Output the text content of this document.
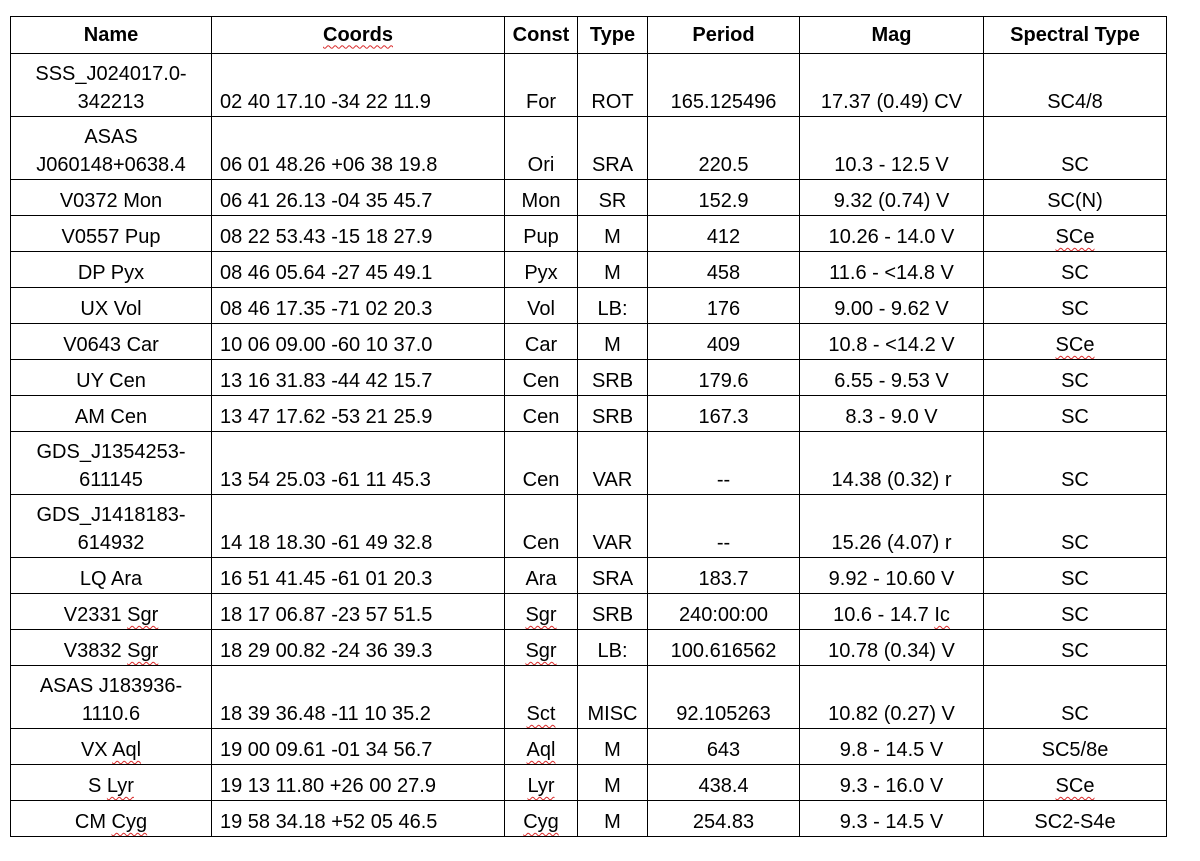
Name	Coords	Const	Type	Period	Mag	Spectral Type
SSS_J024017.0-342213	02 40 17.10 -34 22 11.9	For	ROT	165.125496	17.37 (0.49) CV	SC4/8
ASAS J060148+0638.4	06 01 48.26 +06 38 19.8	Ori	SRA	220.5	10.3 - 12.5 V	SC
V0372 Mon	06 41 26.13 -04 35 45.7	Mon	SR	152.9	9.32 (0.74) V	SC(N)
V0557 Pup	08 22 53.43 -15 18 27.9	Pup	M	412	10.26 - 14.0 V	SCe
DP Pyx	08 46 05.64 -27 45 49.1	Pyx	M	458	11.6 - <14.8 V	SC
UX Vol	08 46 17.35 -71 02 20.3	Vol	LB:	176	9.00 - 9.62 V	SC
V0643 Car	10 06 09.00 -60 10 37.0	Car	M	409	10.8 - <14.2 V	SCe
UY Cen	13 16 31.83 -44 42 15.7	Cen	SRB	179.6	6.55 - 9.53 V	SC
AM Cen	13 47 17.62 -53 21 25.9	Cen	SRB	167.3	8.3 - 9.0 V	SC
GDS_J1354253-611145	13 54 25.03 -61 11 45.3	Cen	VAR	--	14.38 (0.32) r	SC
GDS_J1418183-614932	14 18 18.30 -61 49 32.8	Cen	VAR	--	15.26 (4.07) r	SC
LQ Ara	16 51 41.45 -61 01 20.3	Ara	SRA	183.7	9.92 - 10.60 V	SC
V2331 Sgr	18 17 06.87 -23 57 51.5	Sgr	SRB	240:00:00	10.6 - 14.7 Ic	SC
V3832 Sgr	18 29 00.82 -24 36 39.3	Sgr	LB:	100.616562	10.78 (0.34) V	SC
ASAS J183936-1110.6	18 39 36.48 -11 10 35.2	Sct	MISC	92.105263	10.82 (0.27) V	SC
VX Aql	19 00 09.61 -01 34 56.7	Aql	M	643	9.8 - 14.5 V	SC5/8e
S Lyr	19 13 11.80 +26 00 27.9	Lyr	M	438.4	9.3 - 16.0 V	SCe
CM Cyg	19 58 34.18 +52 05 46.5	Cyg	M	254.83	9.3 - 14.5 V	SC2-S4e
